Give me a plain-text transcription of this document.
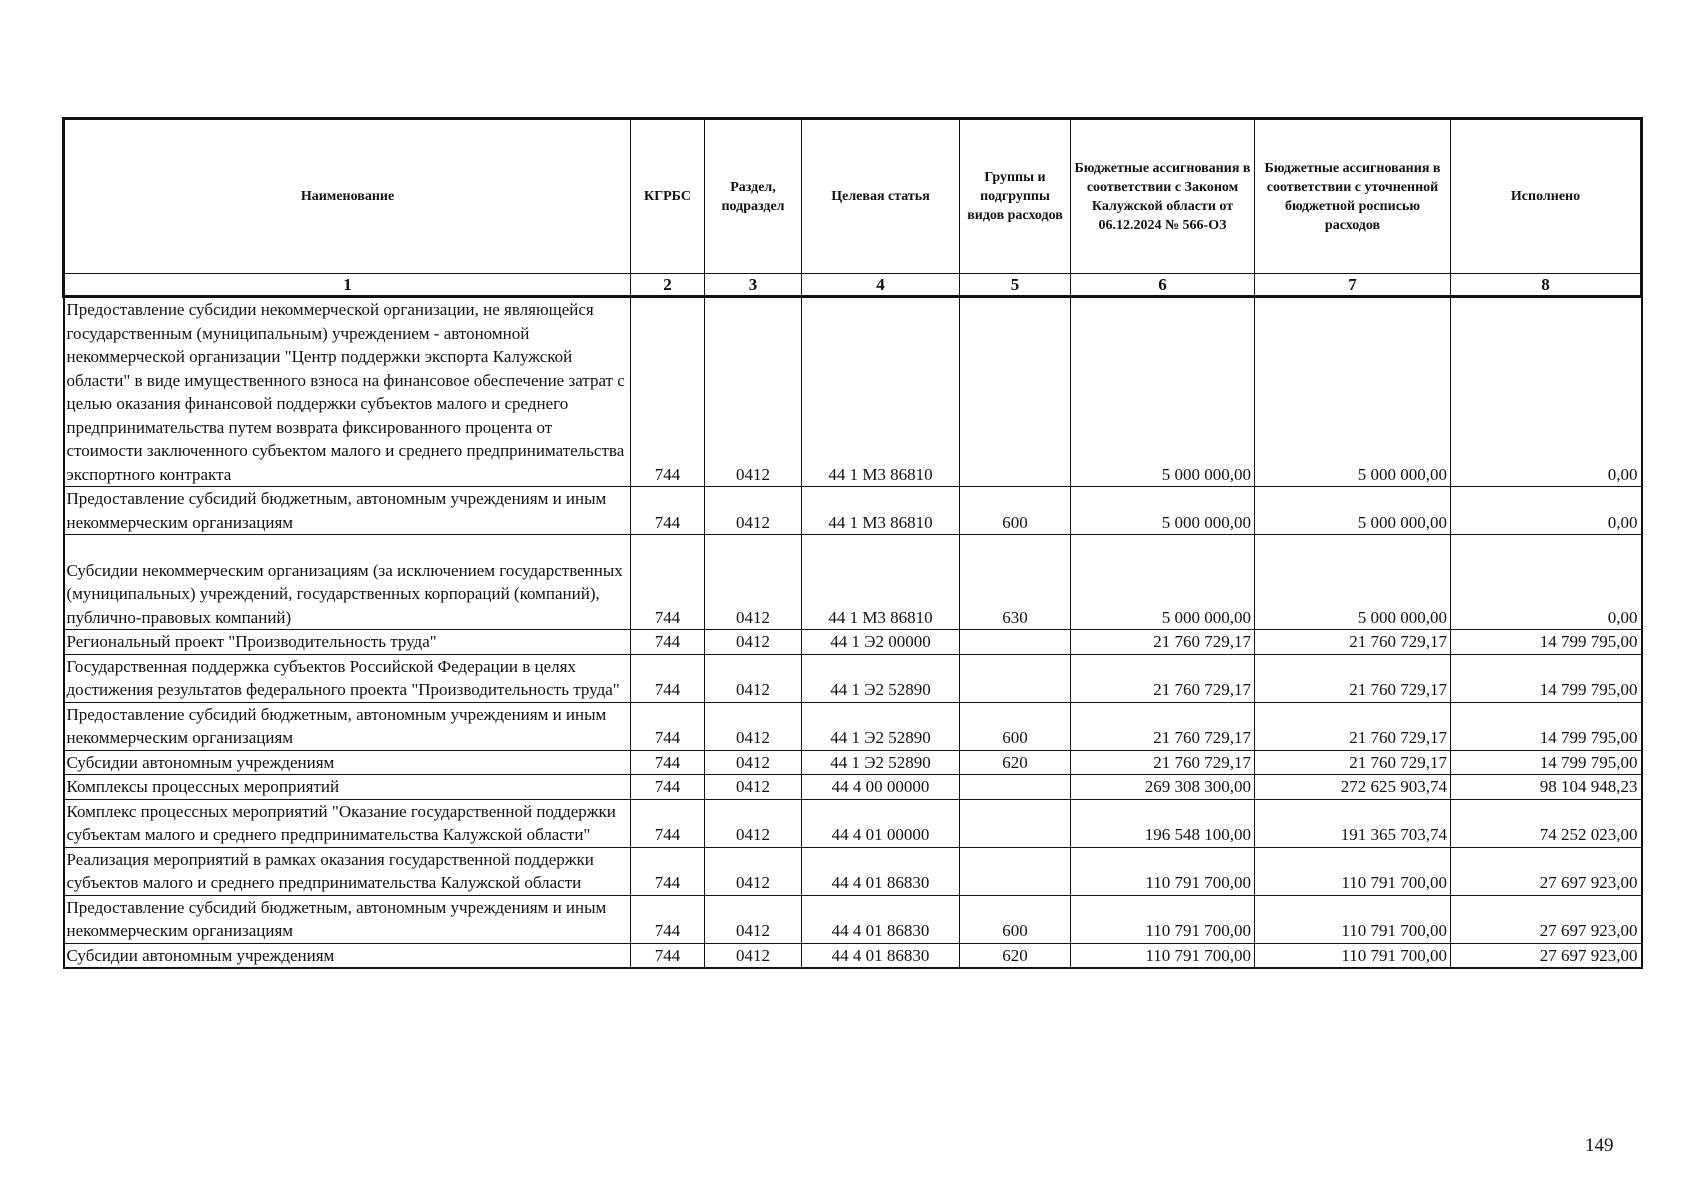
Наименование	КГРБС	Раздел, подраздел	Целевая статья	Группы и подгруппы видов расходов	Бюджетные ассигнования в соответствии с Законом Калужской области от 06.12.2024 № 566-ОЗ	Бюджетные ассигнования в соответствии с уточненной бюджетной росписью расходов	Исполнено
1	2	3	4	5	6	7	8
Предоставление субсидии некоммерческой организации, не являющейся государственным (муниципальным) учреждением - автономной некоммерческой организации "Центр поддержки экспорта Калужской области" в виде имущественного взноса на финансовое обеспечение затрат с целью оказания финансовой поддержки субъектов малого и среднего предпринимательства путем возврата фиксированного процента от стоимости заключенного субъектом малого и среднего предпринимательства экспортного контракта	744	0412	44 1 М3 86810		5 000 000,00	5 000 000,00	0,00
Предоставление субсидий бюджетным, автономным учреждениям и иным некоммерческим организациям	744	0412	44 1 М3 86810	600	5 000 000,00	5 000 000,00	0,00
Субсидии некоммерческим организациям (за исключением государственных (муниципальных) учреждений, государственных корпораций (компаний), публично-правовых компаний)	744	0412	44 1 М3 86810	630	5 000 000,00	5 000 000,00	0,00
Региональный проект "Производительность труда"	744	0412	44 1 Э2 00000		21 760 729,17	21 760 729,17	14 799 795,00
Государственная поддержка субъектов Российской Федерации в целях достижения результатов федерального проекта "Производительность труда"	744	0412	44 1 Э2 52890		21 760 729,17	21 760 729,17	14 799 795,00
Предоставление субсидий бюджетным, автономным учреждениям и иным некоммерческим организациям	744	0412	44 1 Э2 52890	600	21 760 729,17	21 760 729,17	14 799 795,00
Субсидии автономным учреждениям	744	0412	44 1 Э2 52890	620	21 760 729,17	21 760 729,17	14 799 795,00
Комплексы процессных мероприятий	744	0412	44 4 00 00000		269 308 300,00	272 625 903,74	98 104 948,23
Комплекс процессных мероприятий "Оказание государственной поддержки субъектам малого и среднего предпринимательства Калужской области"	744	0412	44 4 01 00000		196 548 100,00	191 365 703,74	74 252 023,00
Реализация мероприятий в рамках оказания государственной поддержки субъектов малого и среднего предпринимательства Калужской области	744	0412	44 4 01 86830		110 791 700,00	110 791 700,00	27 697 923,00
Предоставление субсидий бюджетным, автономным учреждениям и иным некоммерческим организациям	744	0412	44 4 01 86830	600	110 791 700,00	110 791 700,00	27 697 923,00
Субсидии автономным учреждениям	744	0412	44 4 01 86830	620	110 791 700,00	110 791 700,00	27 697 923,00
149
